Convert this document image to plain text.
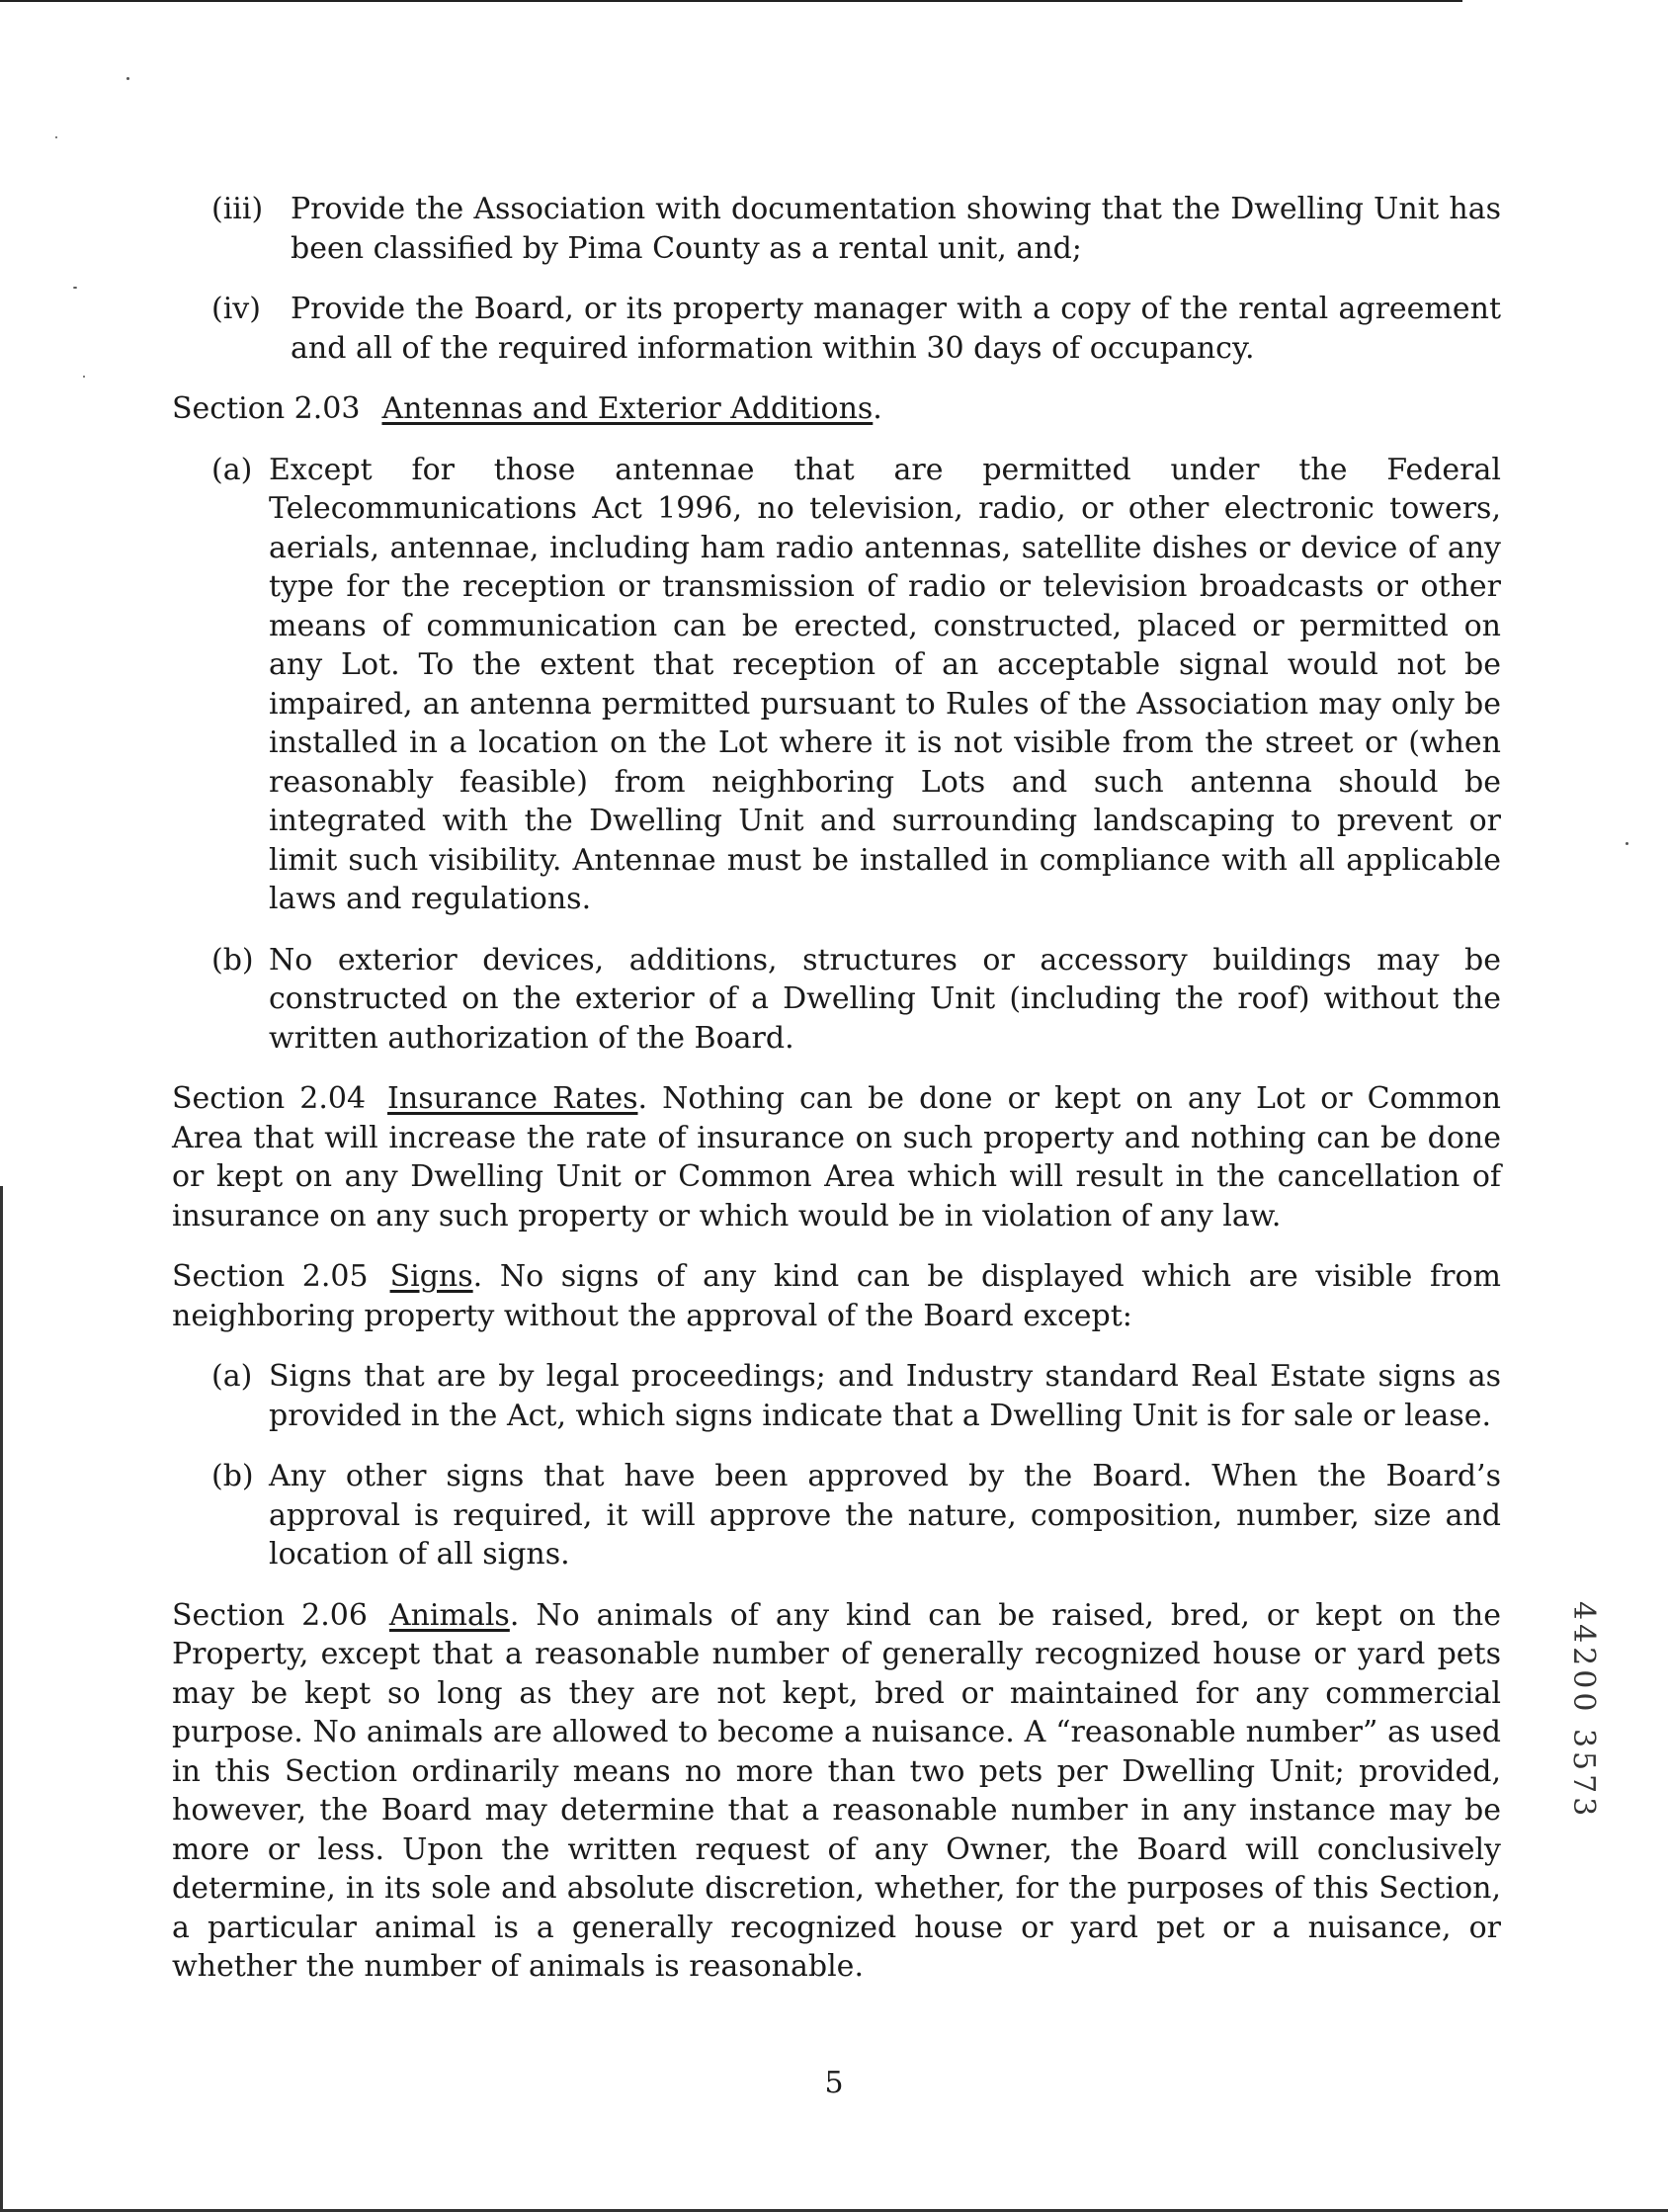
(iii) Provide the Association with documentation showing that the Dwelling Unit has been classified by Pima County as a rental unit, and;
(iv)	Provide the Board, or its property manager with a copy of the rental agreement and all of the required information within 30 days of occupancy.

Section 2.03 Antennas and Exterior Additions.

(a) Except for those antennae that are permitted under the Federal Telecommunications Act 1996, no television, radio, or other electronic towers, aerials, antennae, including ham radio antennas, satellite dishes or device of any type for the reception or transmission of radio or television broadcasts or other means of communication can be erected, constructed, placed or permitted on any Lot. To the extent that reception of an acceptable signal would not be impaired, an antenna permitted pursuant to Rules of the Association may only be installed in a location on the Lot where it is not visible from the street or (when reasonably feasible) from neighboring Lots and such antenna should be integrated with the Dwelling Unit and surrounding landscaping to prevent or limit such visibility. Antennae must be installed in compliance with all applicable laws and regulations.
(b) No exterior devices, additions, structures or accessory buildings may be constructed on the exterior of a Dwelling Unit (including the roof) without the written authorization of the Board.

Section 2.04 Insurance Rates. Nothing can be done or kept on any Lot or Common Area that will increase the rate of insurance on such property and nothing can be done or kept on any Dwelling Unit or Common Area which will result in the cancellation of insurance on any such property or which would be in violation of any law.

Section 2.05 Signs. No signs of any kind can be displayed which are visible from neighboring property without the approval of the Board except:

(a) Signs that are by legal proceedings; and Industry standard Real Estate signs as provided in the Act, which signs indicate that a Dwelling Unit is for sale or lease.
(b) Any other signs that have been approved by the Board. When the Board’s approval is required, it will approve the nature, composition, number, size and location of all signs.

Section 2.06 Animals. No animals of any kind can be raised, bred, or kept on the Property, except that a reasonable number of generally recognized house or yard pets may be kept so long as they are not kept, bred or maintained for any commercial purpose. No animals are allowed to become a nuisance. A “reasonable number” as used in this Section ordinarily means no more than two pets per Dwelling Unit; provided, however, the Board may determine that a reasonable number in any instance may be more or less. Upon the written request of any Owner, the Board will conclusively determine, in its sole and absolute discretion, whether, for the purposes of this Section, a particular animal is a generally recognized house or yard pet or a nuisance, or whether the number of animals is reasonable.

5
44200 3573
